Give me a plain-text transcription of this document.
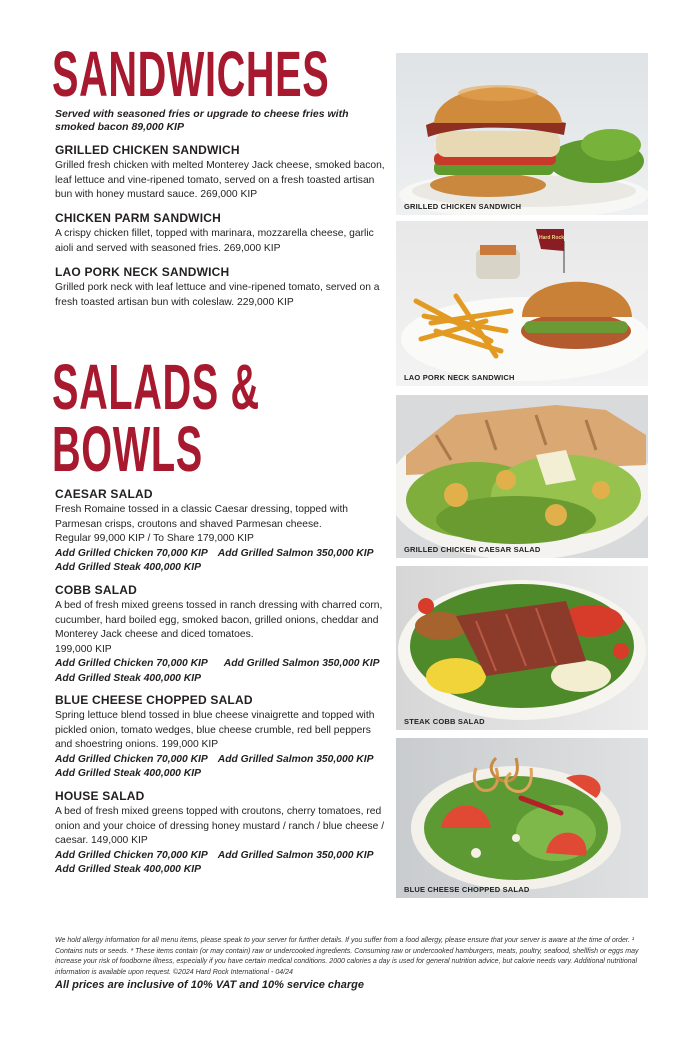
SANDWICHES
SALADS &
BOWLS
Served with seasoned fries or upgrade to cheese fries with smoked bacon 89,000 KIP
GRILLED CHICKEN SANDWICH

Grilled fresh chicken with melted Monterey Jack cheese, smoked bacon, leaf lettuce and vine-ripened tomato, served on a fresh toasted artisan bun with honey mustard sauce. 269,000 KIP

CHICKEN PARM SANDWICH

A crispy chicken fillet, topped with marinara, mozzarella cheese, garlic aioli and served with seasoned fries. 269,000 KIP

LAO PORK NECK SANDWICH

Grilled pork neck with leaf lettuce and vine-ripened tomato, served on a fresh toasted artisan bun with coleslaw. 229,000 KIP

CAESAR SALAD

Fresh Romaine tossed in a classic Caesar dressing, topped with Parmesan crisps, croutons and shaved Parmesan cheese.

Regular 99,000 KIP / To Share 179,000 KIP

Add Grilled Chicken 70,000 KIP Add Grilled Salmon 350,000 KIP
Add Grilled Steak 400,000 KIP
COBB SALAD

A bed of fresh mixed greens tossed in ranch dressing with charred corn, cucumber, hard boiled egg, smoked bacon, grilled onions, cheddar and Monterey Jack cheese and diced tomatoes.

199,000 KIP

Add Grilled Chicken 70,000 KIP Add Grilled Salmon 350,000 KIP
Add Grilled Steak 400,000 KIP
BLUE CHEESE CHOPPED SALAD

Spring lettuce blend tossed in blue cheese vinaigrette and topped with pickled onion, tomato wedges, blue cheese crumble, red bell peppers and shoestring onions. 199,000 KIP

Add Grilled Chicken 70,000 KIP Add Grilled Salmon 350,000 KIP
Add Grilled Steak 400,000 KIP
HOUSE SALAD

A bed of fresh mixed greens topped with croutons, cherry tomatoes, red onion and your choice of dressing honey mustard / ranch / blue cheese / caesar. 149,000 KIP

Add Grilled Chicken 70,000 KIP Add Grilled Salmon 350,000 KIP
Add Grilled Steak 400,000 KIP
GRILLED CHICKEN SANDWICH
Hard Rock
LAO PORK NECK SANDWICH
GRILLED CHICKEN CAESAR SALAD
STEAK COBB SALAD
BLUE CHEESE CHOPPED SALAD
We hold allergy information for all menu items, please speak to your server for further details. If you suffer from a food allergy, please ensure that your server is aware at the time of order. ¹ Contains nuts or seeds. * These items contain (or may contain) raw or undercooked ingredients. Consuming raw or undercooked hamburgers, meats, poultry, seafood, shellfish or eggs may increase your risk of foodborne illness, especially if you have certain medical conditions. 2000 calories a day is used for general nutrition advice, but calorie needs vary. Additional nutritional information is available upon request. ©2024 Hard Rock International - 04/24
All prices are inclusive of 10% VAT and 10% service charge
